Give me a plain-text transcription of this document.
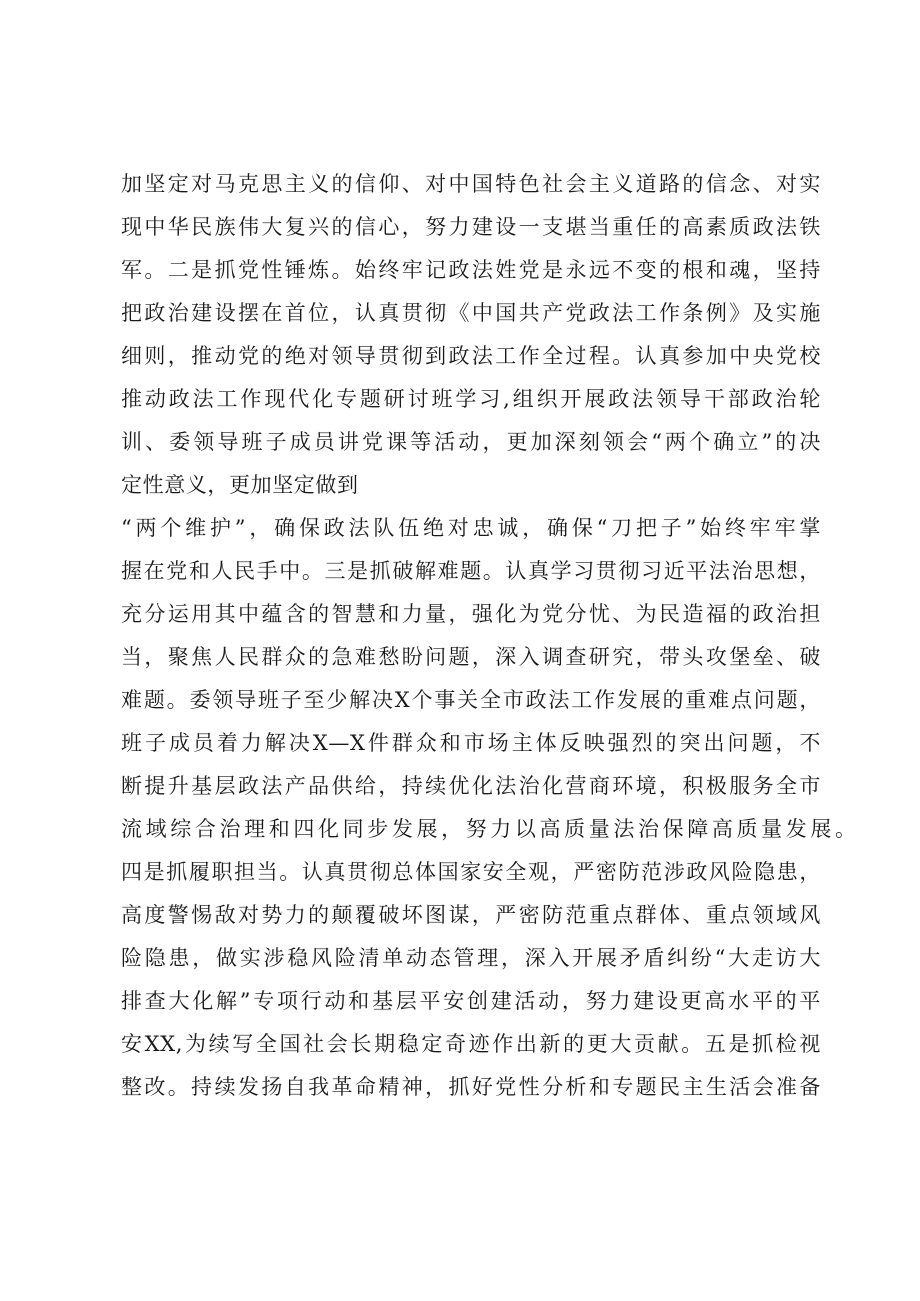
加坚定对马克思主义的信仰、对中国特色社会主义道路的信念、对实
现中华民族伟大复兴的信心，努力建设一支堪当重任的高素质政法铁
军。二是抓党性锤炼。始终牢记政法姓党是永远不变的根和魂，坚持
把政治建设摆在首位，认真贯彻《中国共产党政法工作条例》及实施
细则，推动党的绝对领导贯彻到政法工作全过程。认真参加中央党校
推动政法工作现代化专题研讨班学习,组织开展政法领导干部政治轮
训、委领导班子成员讲党课等活动，更加深刻领会“两个确立”的决
定性意义，更加坚定做到
“两个维护”，确保政法队伍绝对忠诚，确保“刀把子”始终牢牢掌
握在党和人民手中。三是抓破解难题。认真学习贯彻习近平法治思想，
充分运用其中蕴含的智慧和力量，强化为党分忧、为民造福的政治担
当，聚焦人民群众的急难愁盼问题，深入调查研究，带头攻堡垒、破
难题。委领导班子至少解决X个事关全市政法工作发展的重难点问题，
班子成员着力解决X—X件群众和市场主体反映强烈的突出问题，不
断提升基层政法产品供给，持续优化法治化营商环境，积极服务全市
流域综合治理和四化同步发展，努力以高质量法治保障高质量发展。
四是抓履职担当。认真贯彻总体国家安全观，严密防范涉政风险隐患，
高度警惕敌对势力的颠覆破坏图谋，严密防范重点群体、重点领域风
险隐患，做实涉稳风险清单动态管理，深入开展矛盾纠纷“大走访大
排查大化解”专项行动和基层平安创建活动，努力建设更高水平的平
安XX,为续写全国社会长期稳定奇迹作出新的更大贡献。五是抓检视
整改。持续发扬自我革命精神，抓好党性分析和专题民主生活会准备
